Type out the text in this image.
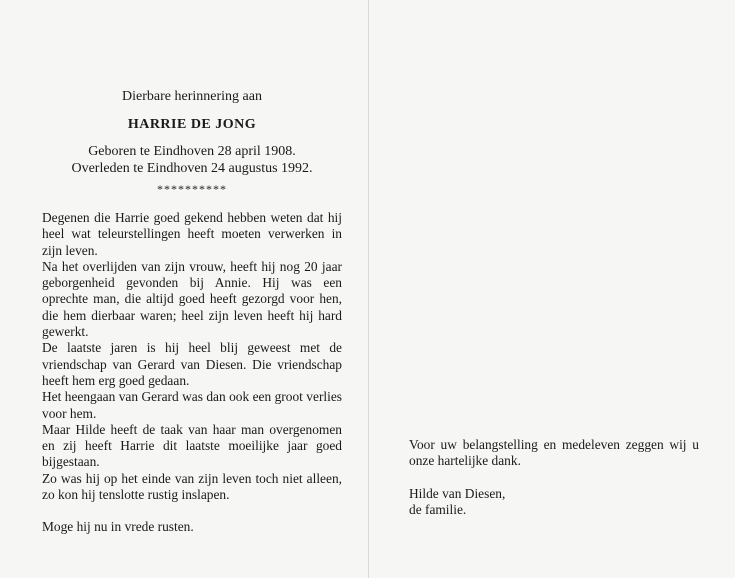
Dierbare herinnering aan

HARRIE DE JONG

Geboren te Eindhoven 28 april 1908.

Overleden te Eindhoven 24 augustus 1992.

**********

Degenen die Harrie goed gekend hebben weten dat hij heel wat teleurstellingen heeft moeten verwerken in zijn leven.

Na het overlijden van zijn vrouw, heeft hij nog 20 jaar geborgenheid gevonden bij Annie. Hij was een oprechte man, die altijd goed heeft gezorgd voor hen, die hem dierbaar waren; heel zijn leven heeft hij hard gewerkt.

De laatste jaren is hij heel blij geweest met de vriendschap van Gerard van Diesen. Die vriendschap heeft hem erg goed gedaan.

Het heengaan van Gerard was dan ook een groot verlies voor hem.

Maar Hilde heeft de taak van haar man overgenomen en zij heeft Harrie dit laatste moeilijke jaar goed bijgestaan.

Zo was hij op het einde van zijn leven toch niet alleen, zo kon hij tenslotte rustig inslapen.

Moge hij nu in vrede rusten.

Voor uw belangstelling en medeleven zeggen wij u onze hartelijke dank.

Hilde van Diesen,

de familie.
